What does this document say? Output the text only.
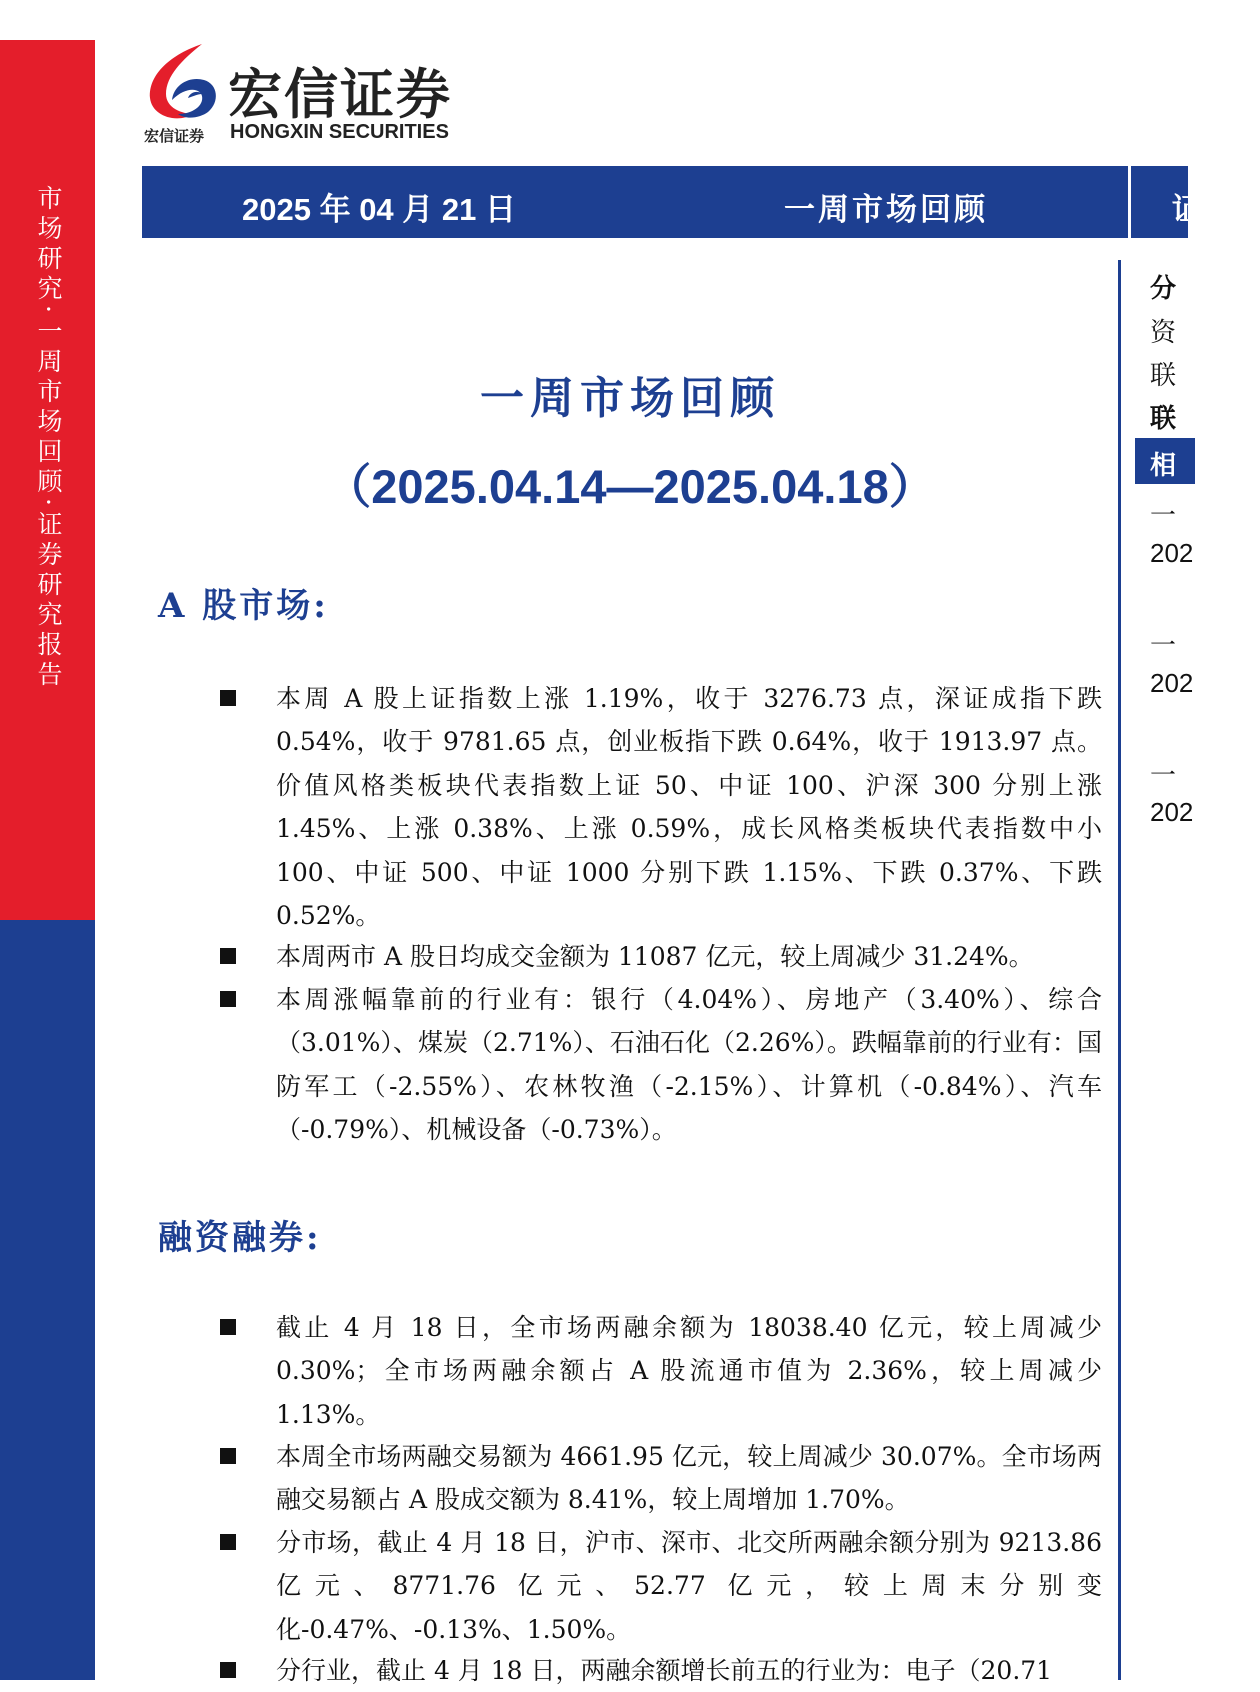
市场研究·一周市场回顾·证券研究报告
宏信证券
宏信证券 HONGXIN SECURITIES
2025 年 04 月 21 日	一周市场回顾	证
分
资
联
联
相
一
202
一
202
一
202
一周市场回顾
（2025.04.14—2025.04.18）
A 股市场:
本周 A 股上证指数上涨 1.19%，收于 3276.73 点，深证成指下跌 0.54%，收于 9781.65 点，创业板指下跌 0.64%，收于 1913.97 点。价值风格类板块代表指数上证 50、中证 100、沪深 300 分别上涨 1.45%、上涨 0.38%、上涨 0.59%，成长风格类板块代表指数中小 100、中证 500、中证 1000 分别下跌 1.15%、下跌 0.37%、下跌 0.52%。
本周两市 A 股日均成交金额为 11087 亿元，较上周减少 31.24%。
本周涨幅靠前的行业有：银行（4.04%）、房地产（3.40%）、综合（3.01%）、煤炭（2.71%）、石油石化（2.26%）。跌幅靠前的行业有：国防军工（-2.55%）、农林牧渔（-2.15%）、计算机（-0.84%）、汽车（-0.79%）、机械设备（-0.73%）。
融资融券:
截止 4 月 18 日，全市场两融余额为 18038.40 亿元，较上周减少 0.30%；全市场两融余额占 A 股流通市值为 2.36%，较上周减少 1.13%。
本周全市场两融交易额为 4661.95 亿元，较上周减少 30.07%。全市场两融交易额占 A 股成交额为 8.41%，较上周增加 1.70%。
分市场，截止 4 月 18 日，沪市、深市、北交所两融余额分别为 9213.86 亿元、8771.76 亿元、52.77 亿元，较上周末分别变化-0.47%、-0.13%、1.50%。
分行业，截止 4 月 18 日，两融余额增长前五的行业为：电子（20.71
